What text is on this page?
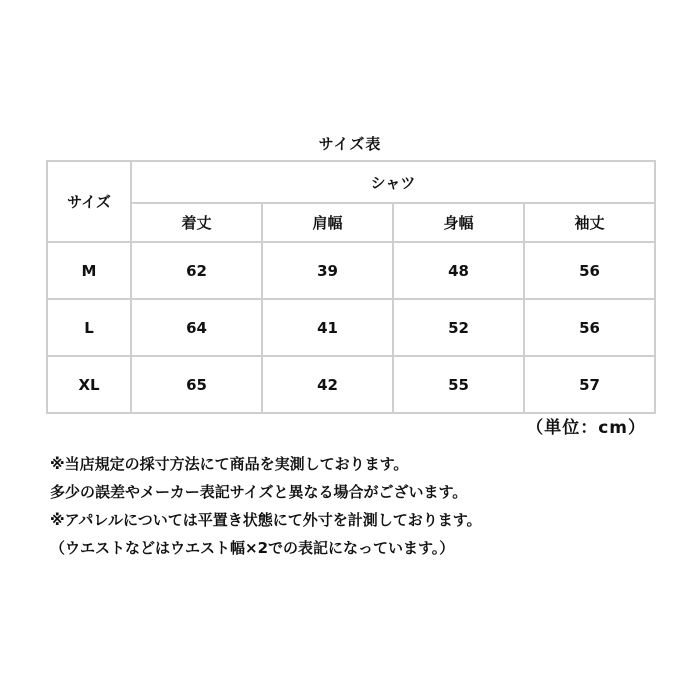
サイズ表
サイズ	シャツ			
	着丈	肩幅	身幅	袖丈
M	62	39	48	56
L	64	41	52	56
XL	65	42	55	57
（単位：cm）
※当店規定の採寸方法にて商品を実測しております。
多少の誤差やメーカー表記サイズと異なる場合がございます。
※アパレルについては平置き状態にて外寸を計測しております。
（ウエストなどはウエスト幅×2での表記になっています。）
